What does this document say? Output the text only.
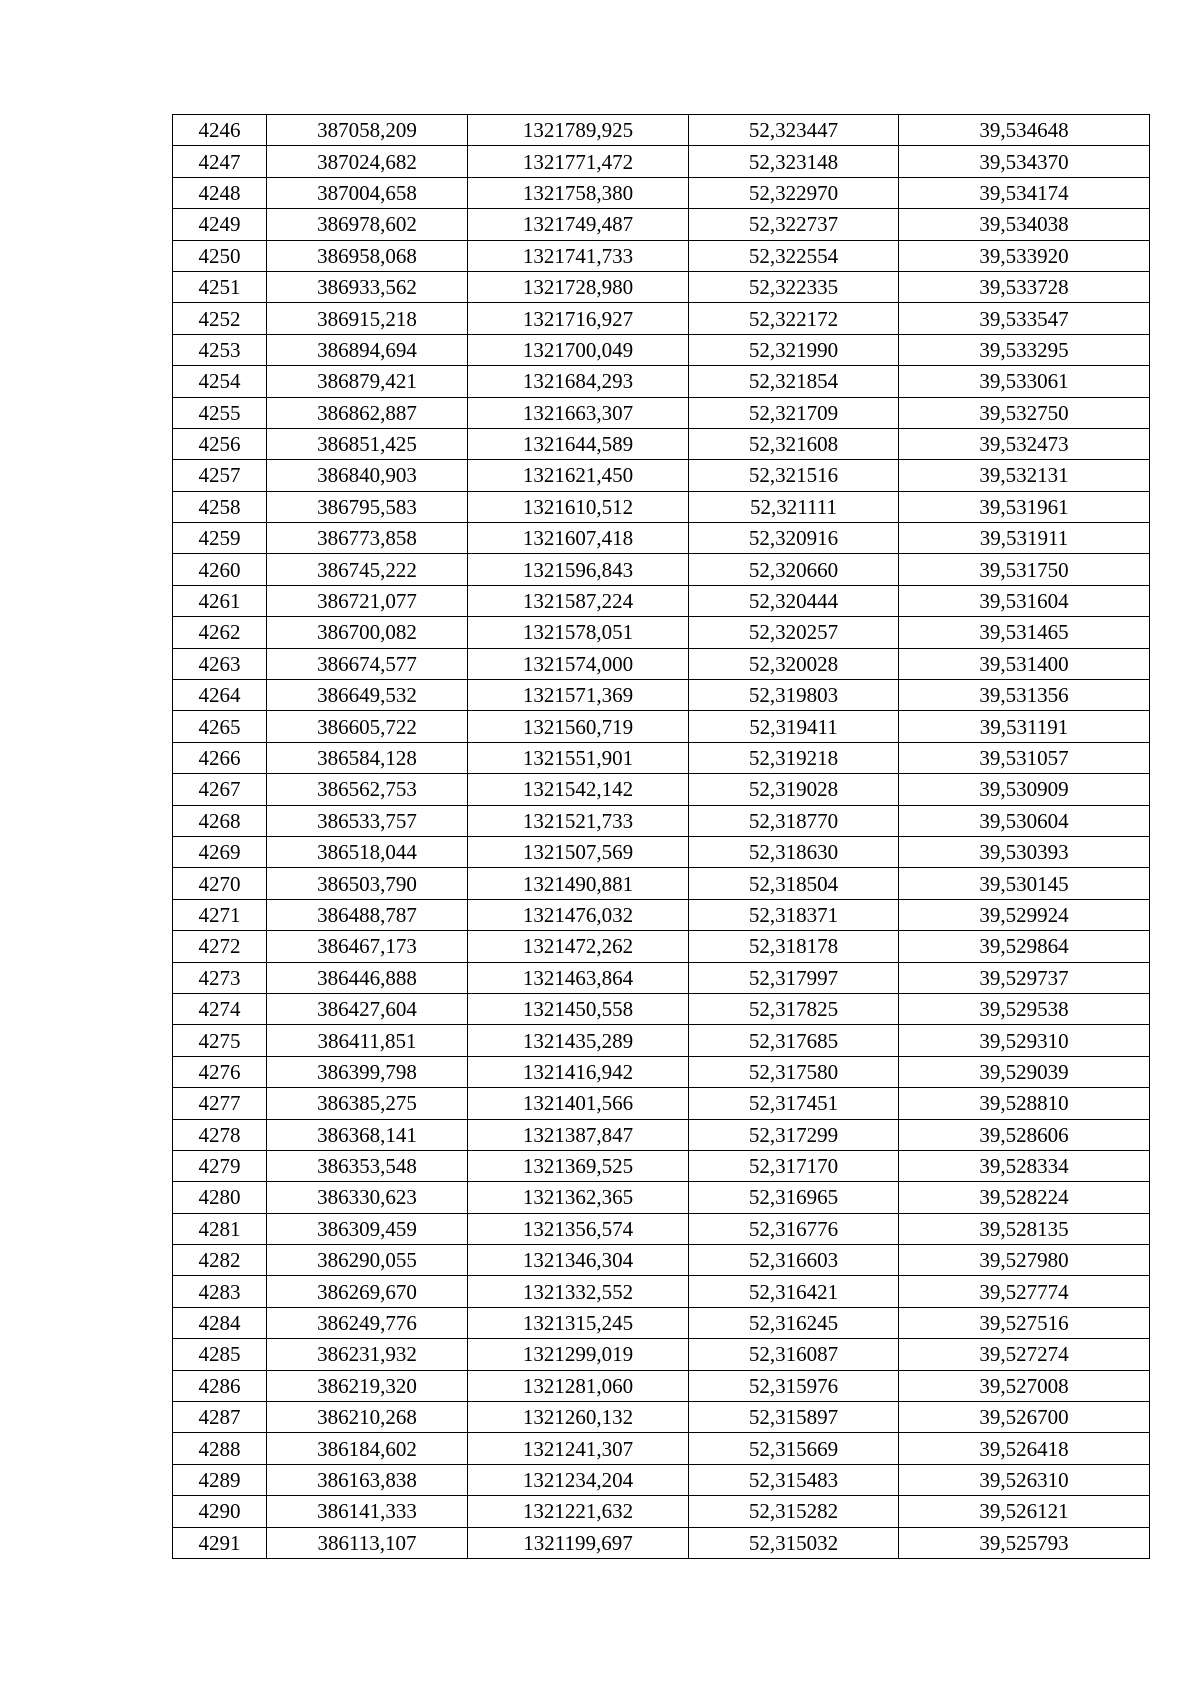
4246	387058,209	1321789,925	52,323447	39,534648
4247	387024,682	1321771,472	52,323148	39,534370
4248	387004,658	1321758,380	52,322970	39,534174
4249	386978,602	1321749,487	52,322737	39,534038
4250	386958,068	1321741,733	52,322554	39,533920
4251	386933,562	1321728,980	52,322335	39,533728
4252	386915,218	1321716,927	52,322172	39,533547
4253	386894,694	1321700,049	52,321990	39,533295
4254	386879,421	1321684,293	52,321854	39,533061
4255	386862,887	1321663,307	52,321709	39,532750
4256	386851,425	1321644,589	52,321608	39,532473
4257	386840,903	1321621,450	52,321516	39,532131
4258	386795,583	1321610,512	52,321111	39,531961
4259	386773,858	1321607,418	52,320916	39,531911
4260	386745,222	1321596,843	52,320660	39,531750
4261	386721,077	1321587,224	52,320444	39,531604
4262	386700,082	1321578,051	52,320257	39,531465
4263	386674,577	1321574,000	52,320028	39,531400
4264	386649,532	1321571,369	52,319803	39,531356
4265	386605,722	1321560,719	52,319411	39,531191
4266	386584,128	1321551,901	52,319218	39,531057
4267	386562,753	1321542,142	52,319028	39,530909
4268	386533,757	1321521,733	52,318770	39,530604
4269	386518,044	1321507,569	52,318630	39,530393
4270	386503,790	1321490,881	52,318504	39,530145
4271	386488,787	1321476,032	52,318371	39,529924
4272	386467,173	1321472,262	52,318178	39,529864
4273	386446,888	1321463,864	52,317997	39,529737
4274	386427,604	1321450,558	52,317825	39,529538
4275	386411,851	1321435,289	52,317685	39,529310
4276	386399,798	1321416,942	52,317580	39,529039
4277	386385,275	1321401,566	52,317451	39,528810
4278	386368,141	1321387,847	52,317299	39,528606
4279	386353,548	1321369,525	52,317170	39,528334
4280	386330,623	1321362,365	52,316965	39,528224
4281	386309,459	1321356,574	52,316776	39,528135
4282	386290,055	1321346,304	52,316603	39,527980
4283	386269,670	1321332,552	52,316421	39,527774
4284	386249,776	1321315,245	52,316245	39,527516
4285	386231,932	1321299,019	52,316087	39,527274
4286	386219,320	1321281,060	52,315976	39,527008
4287	386210,268	1321260,132	52,315897	39,526700
4288	386184,602	1321241,307	52,315669	39,526418
4289	386163,838	1321234,204	52,315483	39,526310
4290	386141,333	1321221,632	52,315282	39,526121
4291	386113,107	1321199,697	52,315032	39,525793
